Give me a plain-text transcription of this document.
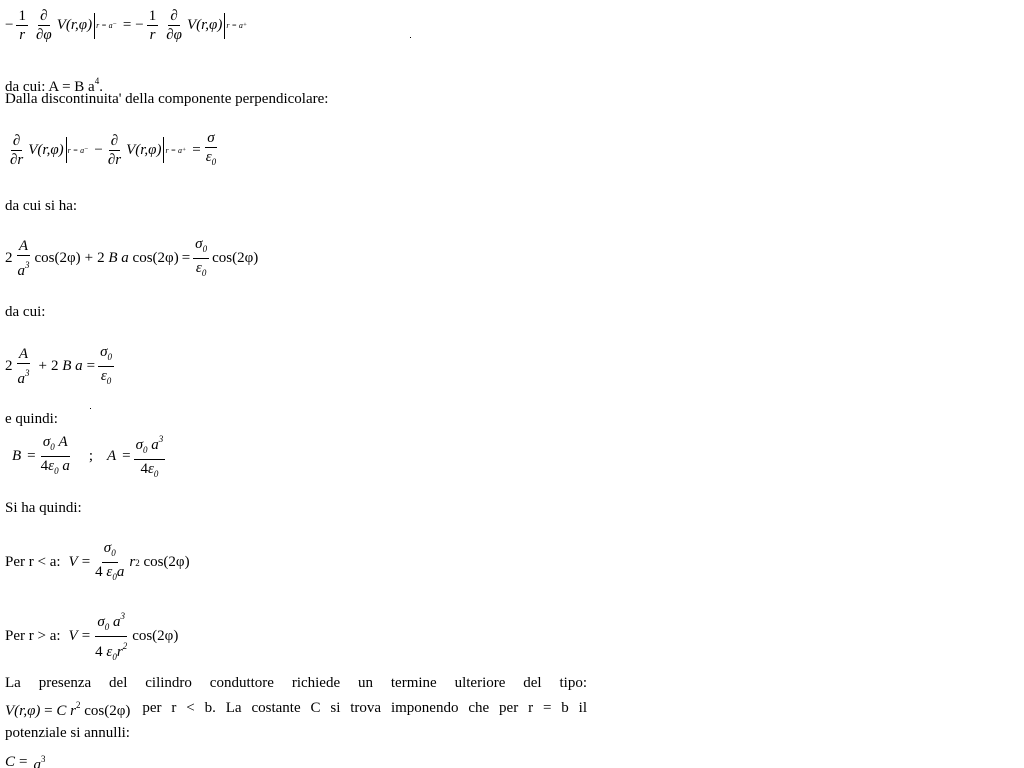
− $\frac{1}{r} \frac{\partial}{\partial\varphi}$ V (r,φ) r = a⁻ = − $\frac{1}{r} \frac{\partial}{\partial\varphi}$ V (r,φ) r = a⁺
da cui: A = B $a^4$.
Dalla discontinuita' della componente perpendicolare:
$\frac{\partial}{\partial r}$ V (r,φ) $r = a^- - \frac{\partial}{\partial r}$ V (r,φ) $r = a^+ = \frac{\sigma}{\varepsilon_0}$
da cui si ha:
$2 \frac{A}{a^3} \cos(2\varphi) + 2$
B
a
$\cos(2\varphi) = \frac{\sigma_0}{\varepsilon_0} \cos(2\varphi)$
da cui:
$2 \frac{A}{a^3} + 2$
B
$a = \frac{\sigma_0}{\varepsilon_0}$
e quindi:
$B = \frac{\sigma_0 A}{4\varepsilon_0 a}$ ; $A = \frac{\sigma_0 a^3}{4\varepsilon_0}$
Si ha quindi:
Per r < a: $V = \frac{\sigma_0}{4 \varepsilon_0a}$ r 2
cos(2φ)
Per r > a: $V = \frac{\sigma_0 a^3}{4 \varepsilon_0r^2} \cos(2\varphi)$
La presenza del cilindro conduttore richiede un termine ulteriore del tipo:
V(r,φ) = C $r^2$ cos(2φ) per r < b. La costante C si trova imponendo che per r = b il
potenziale si annulli:
$C = a^3$
